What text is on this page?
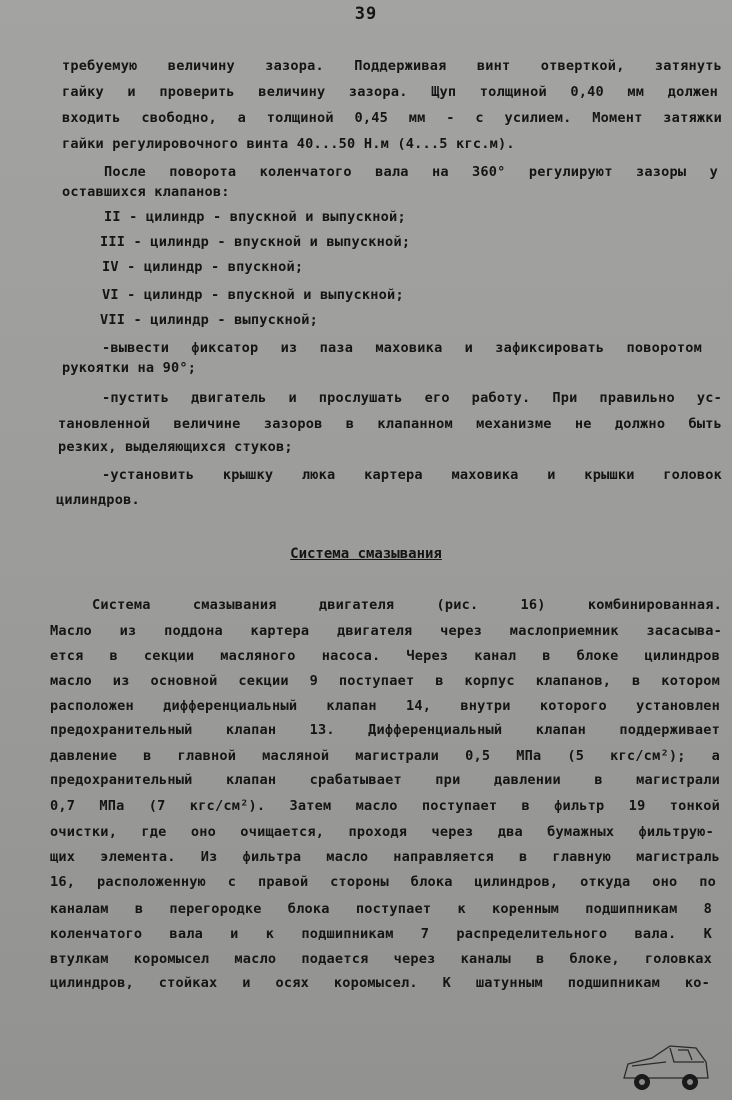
39
требуемую величину зазора. Поддерживая винт отверткой, затянуть
гайку и проверить величину зазора. Щуп толщиной 0,40 мм должен
входить свободно, а толщиной 0,45 мм - с усилием. Момент затяжки
гайки регулировочного винта 40...50 Н.м (4...5 кгс.м).
После поворота коленчатого вала на 360° регулируют зазоры у
оставшихся клапанов:
II - цилиндр - впускной и выпускной;
III - цилиндр - впускной и выпускной;
IV - цилиндр - впускной;
VI - цилиндр - впускной и выпускной;
VII - цилиндр - выпускной;
-вывести фиксатор из паза маховика и зафиксировать поворотом
рукоятки на 90°;
-пустить двигатель и прослушать его работу. При правильно ус-
тановленной величине зазоров в клапанном механизме не должно быть
резких, выделяющихся стуков;
-установить крышку люка картера маховика и крышки головок
цилиндров.
Система смазывания
Система смазывания двигателя (рис. 16) комбинированная.
Масло из поддона картера двигателя через маслоприемник засасыва-
ется в секции масляного насоса. Через канал в блоке цилиндров
масло из основной секции 9 поступает в корпус клапанов, в котором
расположен дифференциальный клапан 14, внутри которого установлен
предохранительный клапан 13. Дифференциальный клапан поддерживает
давление в главной масляной магистрали 0,5 МПа (5 кгс/см²); а
предохранительный клапан срабатывает при давлении в магистрали
0,7 МПа (7 кгс/см²). Затем масло поступает в фильтр 19 тонкой
очистки, где оно очищается, проходя через два бумажных фильтрую-
щих элемента. Из фильтра масло направляется в главную магистраль
16, расположенную с правой стороны блока цилиндров, откуда оно по
каналам в перегородке блока поступает к коренным подшипникам 8
коленчатого вала и к подшипникам 7 распределительного вала. К
втулкам коромысел масло подается через каналы в блоке, головках
цилиндров, стойках и осях коромысел. К шатунным подшипникам ко-
